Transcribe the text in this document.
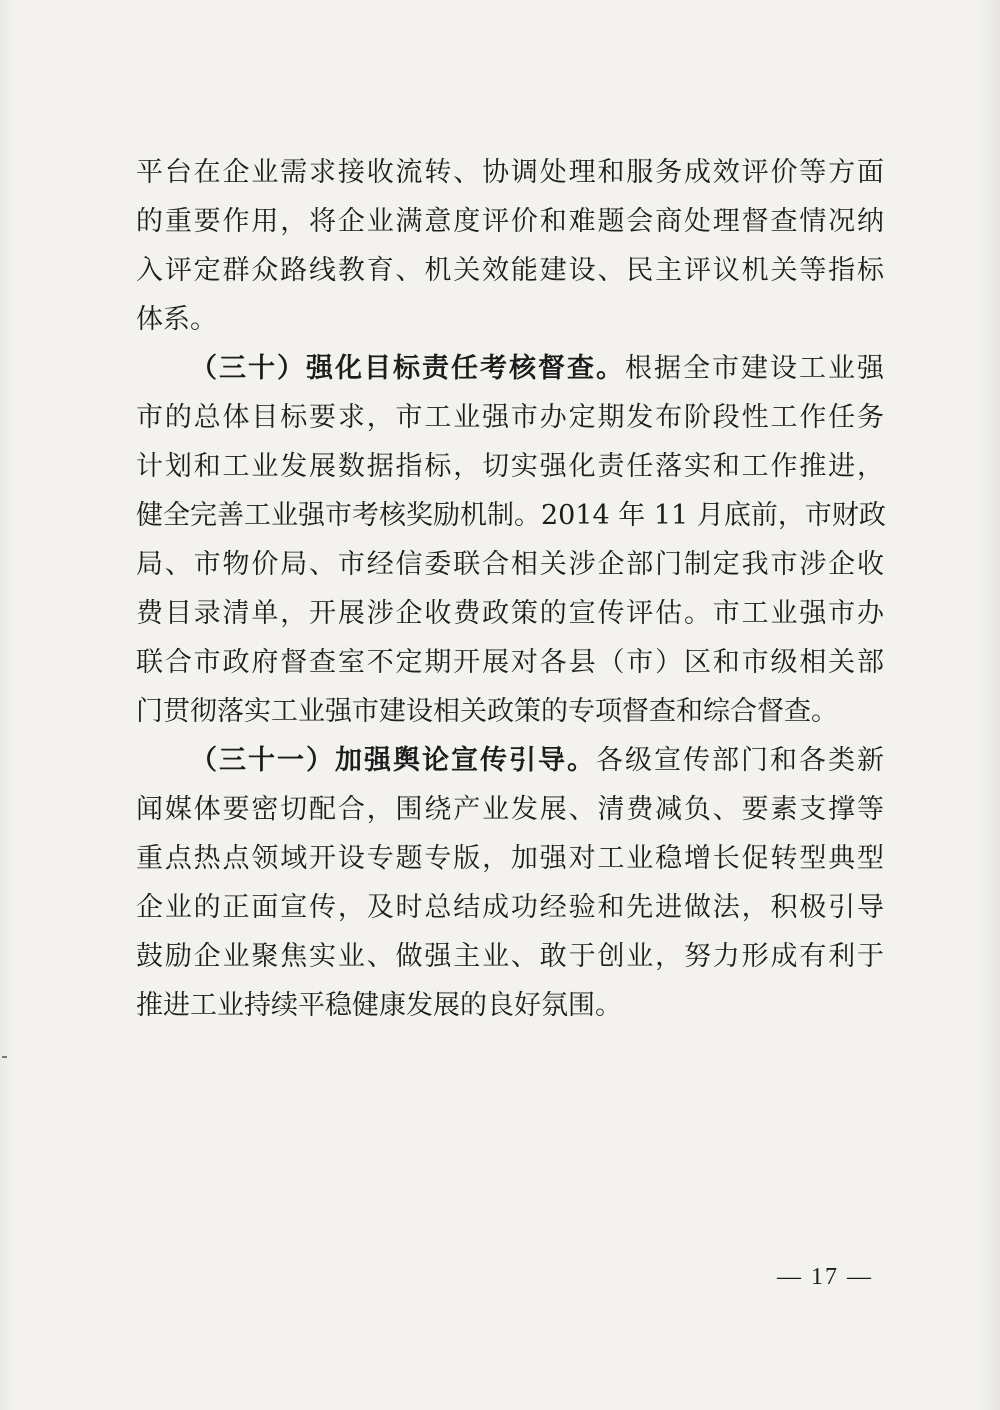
平台在企业需求接收流转、协调处理和服务成效评价等方面
的重要作用，将企业满意度评价和难题会商处理督查情况纳
入评定群众路线教育、机关效能建设、民主评议机关等指标
体系。
（三十）强化目标责任考核督查。根据全市建设工业强
市的总体目标要求，市工业强市办定期发布阶段性工作任务
计划和工业发展数据指标，切实强化责任落实和工作推进，
健全完善工业强市考核奖励机制。2014 年 11 月底前，市财政
局、市物价局、市经信委联合相关涉企部门制定我市涉企收
费目录清单，开展涉企收费政策的宣传评估。市工业强市办
联合市政府督查室不定期开展对各县（市）区和市级相关部
门贯彻落实工业强市建设相关政策的专项督查和综合督查。
（三十一）加强舆论宣传引导。各级宣传部门和各类新
闻媒体要密切配合，围绕产业发展、清费减负、要素支撑等
重点热点领域开设专题专版，加强对工业稳增长促转型典型
企业的正面宣传，及时总结成功经验和先进做法，积极引导
鼓励企业聚焦实业、做强主业、敢于创业，努力形成有利于
推进工业持续平稳健康发展的良好氛围。
— 17 —
